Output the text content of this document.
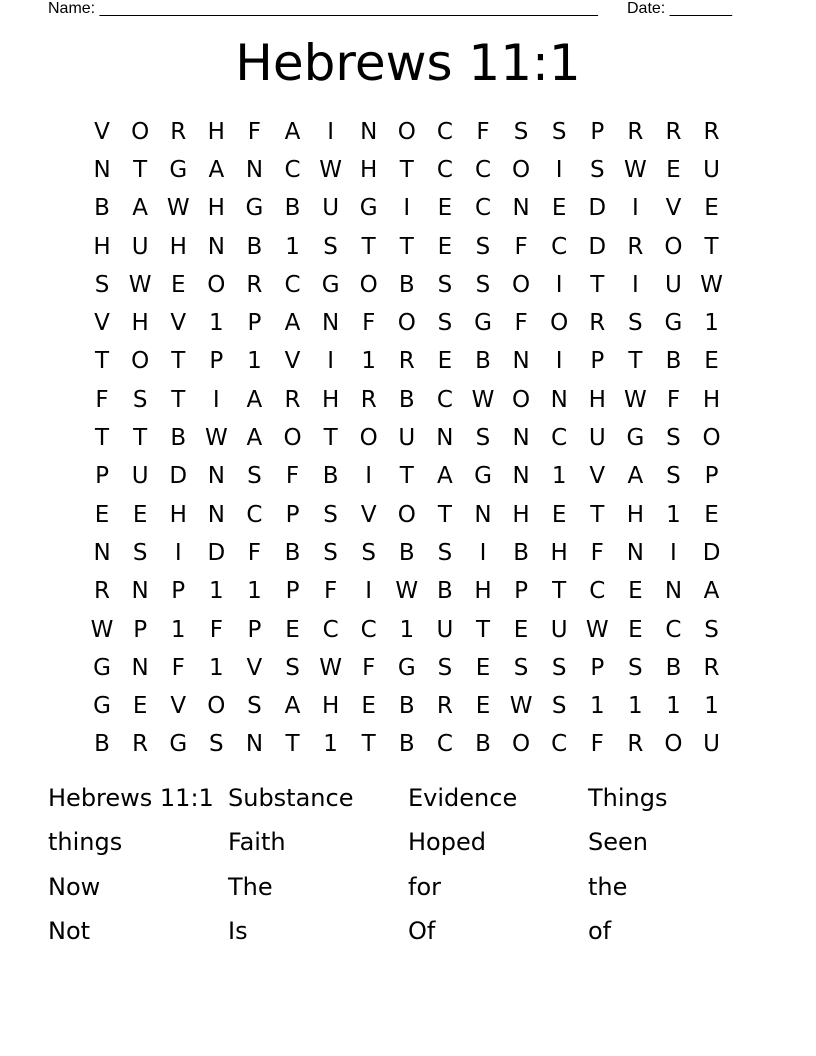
Name: ________________________________________________________ Date: _______
Hebrews 11:1
V O R H F	A	I	N O C	F	S	S	P	R R R
N T G A N C W H T	C C O	I	S W E U
B A W H G B U G	I	E C N E D	I	V E
H U H N B 1	S	T	T	E	S	F	C D R O T
S W E O R C G O B S	S O	I	T	I	U W
V H V 1	P	A N F O S G F O R S G 1
T O T	P	1 V	I	1 R E B N	I	P	T	B E
F	S	T	I	A R H R B C W O N H W F H
T	T	B W A O T O U N S N C U G S O
P U D N S	F	B	I	T	A G N 1 V A S	P
E	E H N C	P	S V O T N H E	T H 1	E
N S	I	D F	B S	S B S	I	B H F N	I	D
R N P	1	1	P	F	I	W B H P	T	C E N A
W P	1	F	P	E C C 1 U T	E U W E C S
G N F	1 V S W F G S	E	S	S	P	S B R
G E V O S A H E B R E W S	1	1	1	1
B R G S N T	1	T	B C B O C	F	R O U
Hebrews 11:1 Substance	Evidence	Things
things	Faith	Hoped	Seen
Now	The	for	the
Not	Is	Of	of
